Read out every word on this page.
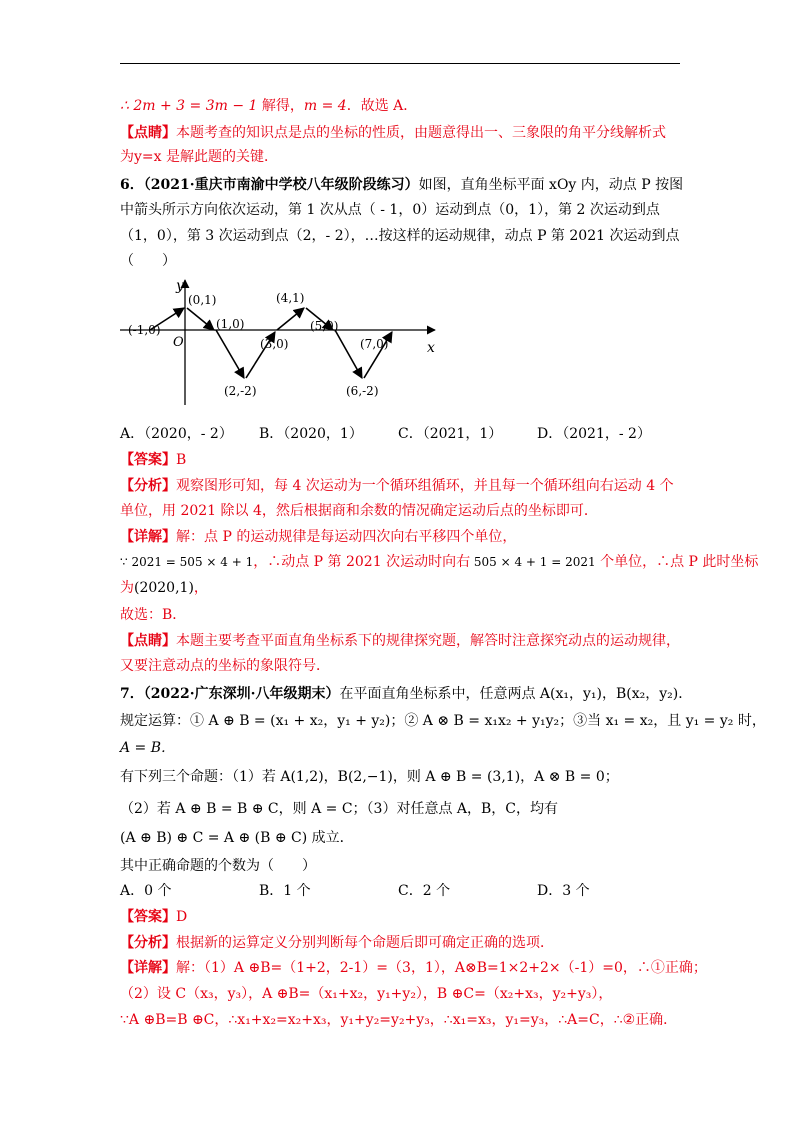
∴ 2m + 3 = 3m − 1 解得，m = 4．故选 A．
【点睛】本题考查的知识点是点的坐标的性质，由题意得出一、三象限的角平分线解析式
为y=x 是解此题的关键．
6．（2021·重庆市南渝中学校八年级阶段练习）如图，直角坐标平面 xOy 内，动点 P 按图
中箭头所示方向依次运动，第 1 次从点（ - 1，0）运动到点（0，1），第 2 次运动到点
（1，0），第 3 次运动到点（2，- 2），…按这样的运动规律，动点 P 第 2021 次运动到点
（　　）
y
x
O
(-1,0)
(0,1)
(1,0)
(2,-2)
(3,0)
(4,1)
(5,0)
(6,-2)
(7,0)
A．（2020，- 2） B．（2020，1）	C．（2021，1） D．（2021，- 2）
【答案】B
【分析】观察图形可知，每 4 次运动为一个循环组循环，并且每一个循环组向右运动 4 个
单位，用 2021 除以 4，然后根据商和余数的情况确定运动后点的坐标即可．
【详解】解：点 P 的运动规律是每运动四次向右平移四个单位，
∵ 2021 = 505 × 4 + 1，∴动点 P 第 2021 次运动时向右 505 × 4 + 1 = 2021 个单位，∴点 P 此时坐标
为(2020,1)，
故选：B．
【点睛】本题主要考查平面直角坐标系下的规律探究题，解答时注意探究动点的运动规律，
又要注意动点的坐标的象限符号．
7．（2022·广东深圳·八年级期末）在平面直角坐标系中，任意两点 A(x₁，y₁)，B(x₂，y₂)．
规定运算：① A ⊕ B = (x₁ + x₂，y₁ + y₂)；② A ⊗ B = x₁x₂ + y₁y₂；③当 x₁ = x₂，且 y₁ = y₂ 时，
A = B．
有下列三个命题：（1）若 A(1,2)，B(2,−1)，则 A ⊕ B = (3,1)，A ⊗ B = 0；
（2）若 A ⊕ B = B ⊕ C，则 A = C；（3）对任意点 A，B，C，均有
(A ⊕ B) ⊕ C = A ⊕ (B ⊕ C) 成立．
其中正确命题的个数为（　　）
A．0 个	B．1 个	C．2 个	D．3 个
【答案】D
【分析】根据新的运算定义分别判断每个命题后即可确定正确的选项．
【详解】解：（1）A ⊕B=（1+2，2-1）=（3，1），A⊗B=1×2+2×（-1）=0，∴①正确；
（2）设 C（x₃，y₃），A ⊕B=（x₁+x₂，y₁+y₂），B ⊕C=（x₂+x₃，y₂+y₃），
∵A ⊕B=B ⊕C，∴x₁+x₂=x₂+x₃，y₁+y₂=y₂+y₃，∴x₁=x₃，y₁=y₃，∴A=C，∴②正确．
